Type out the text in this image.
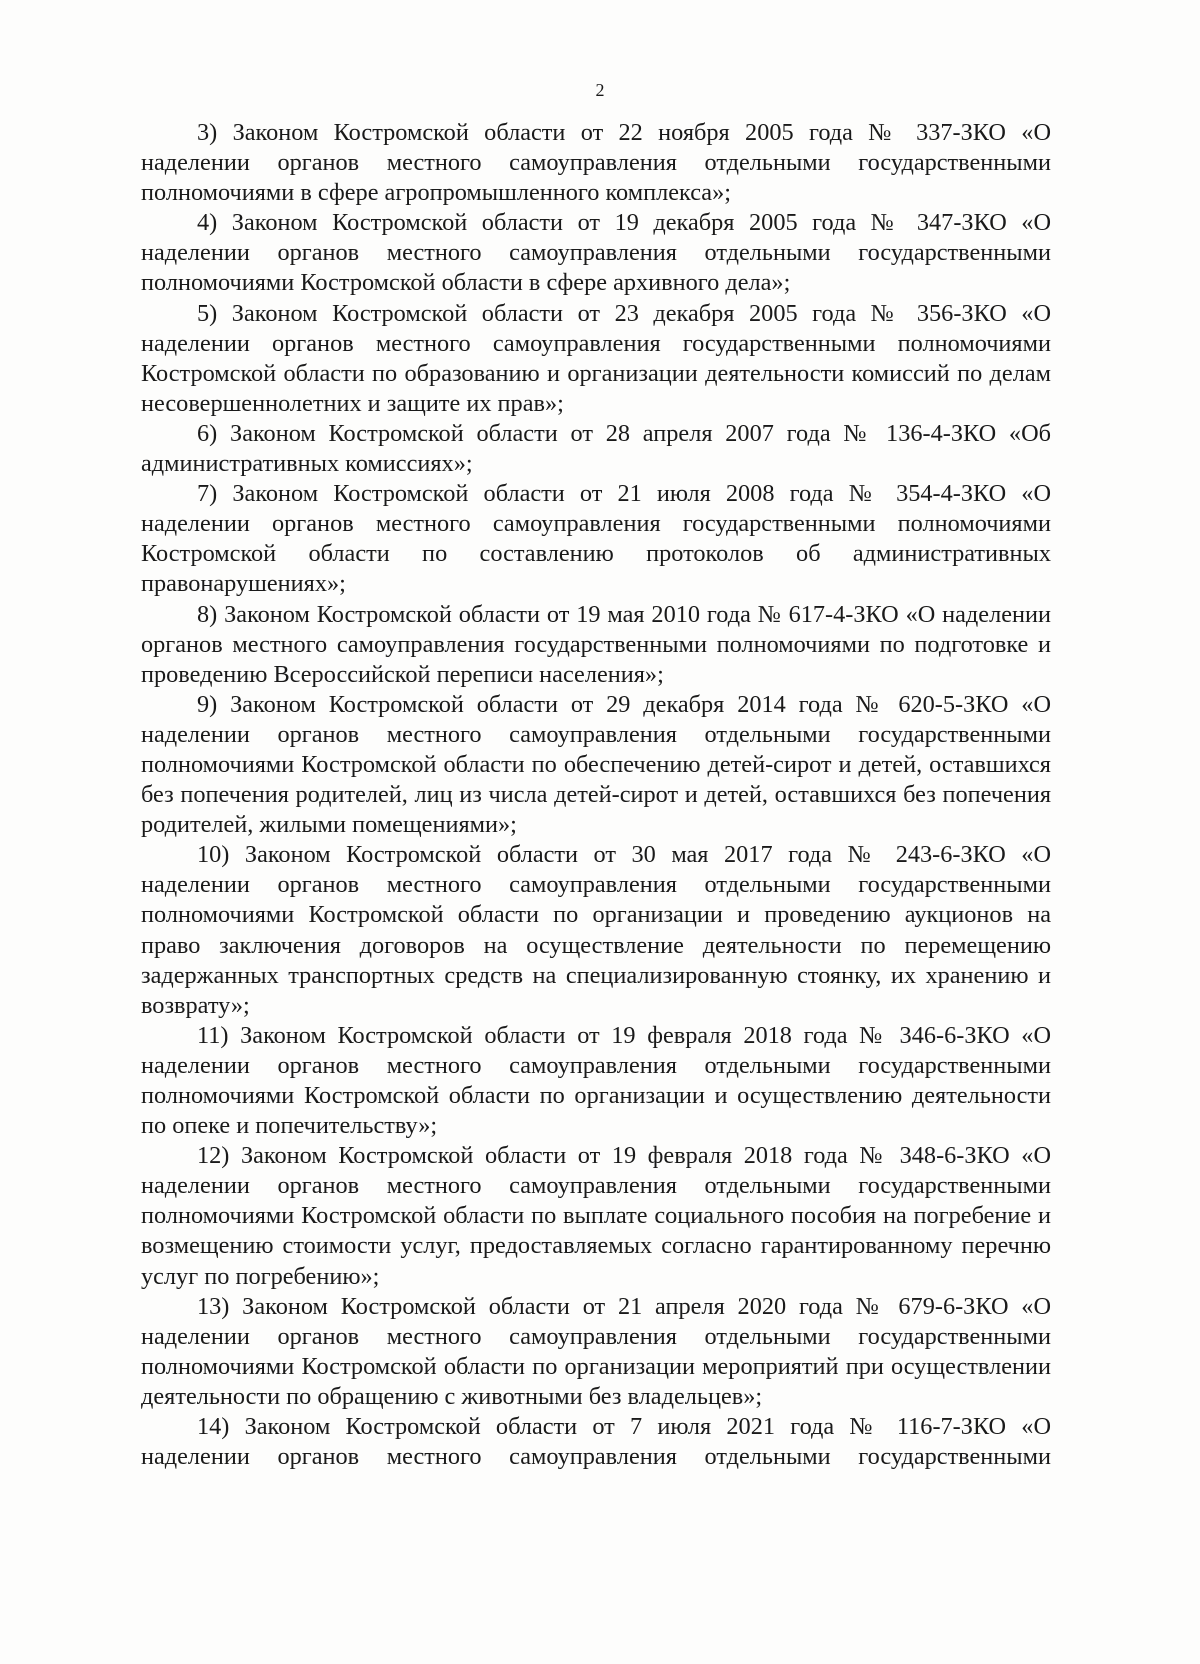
2

3) Законом Костромской области от 22 ноября 2005 года № 337-ЗКО «О наделении органов местного самоуправления отдельными государственными полномочиями в сфере агропромышленного комплекса»;

4) Законом Костромской области от 19 декабря 2005 года № 347-ЗКО «О наделении органов местного самоуправления отдельными государственными полномочиями Костромской области в сфере архивного дела»;

5) Законом Костромской области от 23 декабря 2005 года № 356-ЗКО «О наделении органов местного самоуправления государственными полномочиями Костромской области по образованию и организации деятельности комиссий по делам несовершеннолетних и защите их прав»;

6) Законом Костромской области от 28 апреля 2007 года № 136-4-ЗКО «Об административных комиссиях»;

7) Законом Костромской области от 21 июля 2008 года № 354-4-ЗКО «О наделении органов местного самоуправления государственными полномочиями Костромской области по составлению протоколов об административных правонарушениях»;

8) Законом Костромской области от 19 мая 2010 года № 617-4-ЗКО «О наделении органов местного самоуправления государственными полномочиями по подготовке и проведению Всероссийской переписи населения»;

9) Законом Костромской области от 29 декабря 2014 года № 620-5-ЗКО «О наделении органов местного самоуправления отдельными государственными полномочиями Костромской области по обеспечению детей-сирот и детей, оставшихся без попечения родителей, лиц из числа детей-сирот и детей, оставшихся без попечения родителей, жилыми помещениями»;

10) Законом Костромской области от 30 мая 2017 года № 243-6-ЗКО «О наделении органов местного самоуправления отдельными государственными полномочиями Костромской области по организации и проведению аукционов на право заключения договоров на осуществление деятельности по перемещению задержанных транспортных средств на специализированную стоянку, их хранению и возврату»;

11) Законом Костромской области от 19 февраля 2018 года № 346-6-ЗКО «О наделении органов местного самоуправления отдельными государственными полномочиями Костромской области по организации и осуществлению деятельности по опеке и попечительству»;

12) Законом Костромской области от 19 февраля 2018 года № 348-6-ЗКО «О наделении органов местного самоуправления отдельными государственными полномочиями Костромской области по выплате социального пособия на погребение и возмещению стоимости услуг, предоставляемых согласно гарантированному перечню услуг по погребению»;

13) Законом Костромской области от 21 апреля 2020 года № 679-6-ЗКО «О наделении органов местного самоуправления отдельными государственными полномочиями Костромской области по организации мероприятий при осуществлении деятельности по обращению с животными без владельцев»;

14) Законом Костромской области от 7 июля 2021 года № 116-7-ЗКО «О наделении органов местного самоуправления отдельными государственными
